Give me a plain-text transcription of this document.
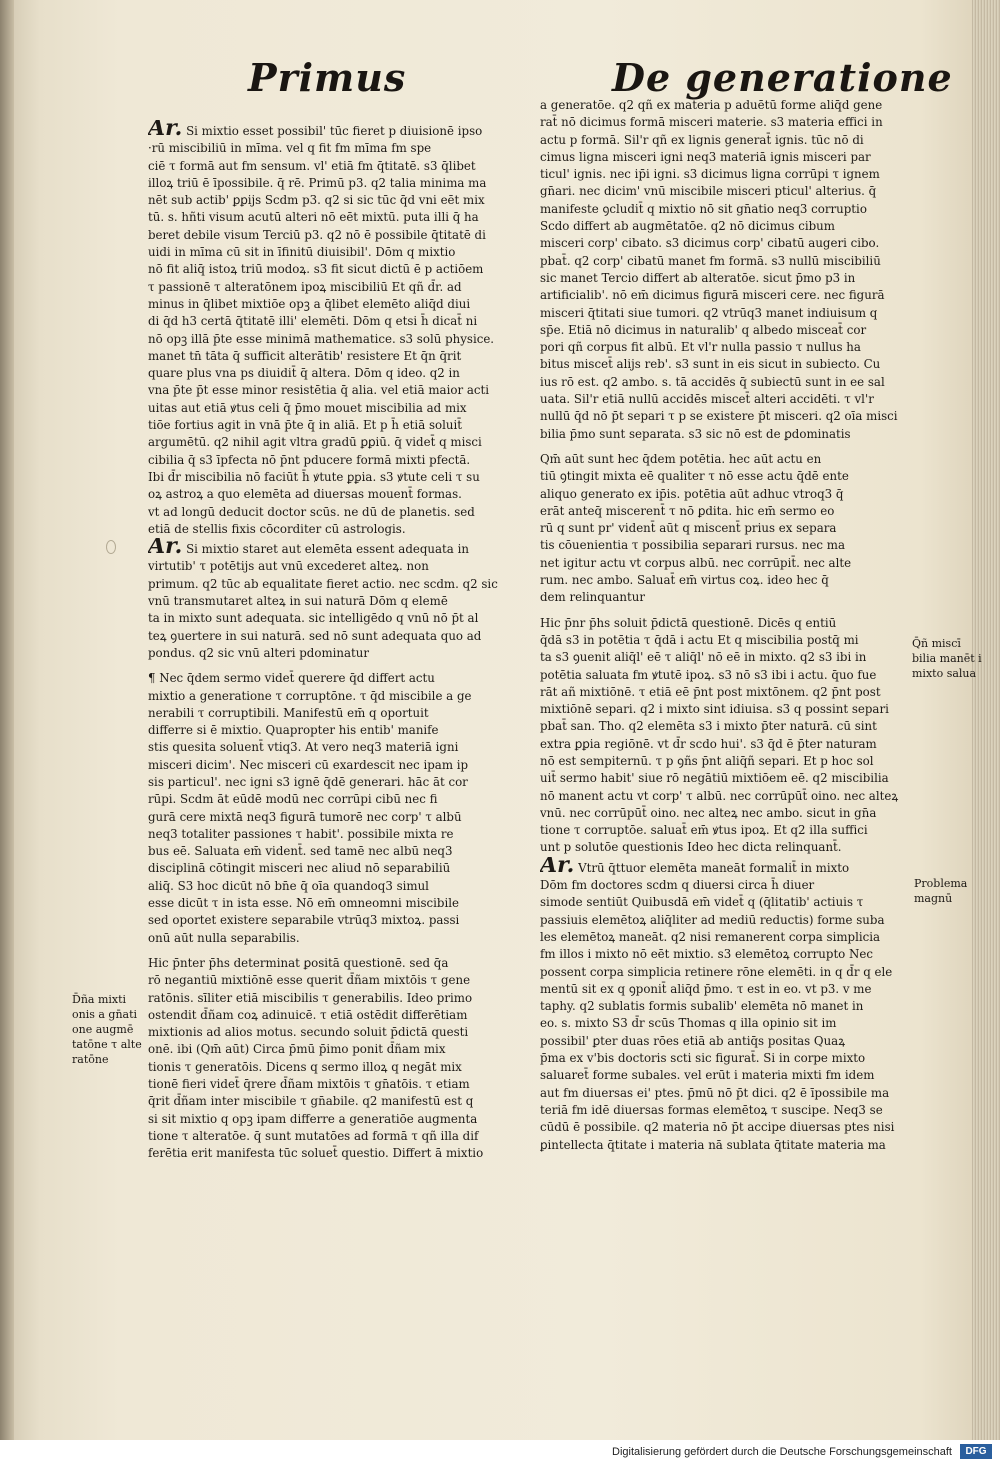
Primus	De generatione
Ar. Si mixtio esset possibil' tūc fieret p diuisionē ipso
·rū miscibiliū in mīma. vel q fit fm mīma fm spe
ciē τ formā aut fm sensum. vl' etiā fm q̄titatē. s3 q̄libet
illoꝝ triū ē īpossibile. q̄ rē. Primū p3. q2 talia minima ma
nēt sub actib' ꝑꝑijs Scdm p3. q2 si sic tūc q̄d vni eēt mix
tū. s. hñti visum acutū alteri nō eēt mixtū. puta illi q̄ ha
beret debile visum Terciū p3. q2 nō ē possibile q̄titatē di
uidi in mīma cū sit in īfinitū diuisibil'. Dōm q mixtio
nō fit aliq̄ istoꝝ triū modoꝝ. s3 fit sicut dictū ē p actiōem
τ passionē τ alteratōnem ipoꝝ miscibiliū Et qñ d̄r. ad
minus in q̄libet mixtiōe opꝫ a q̄libet elemēto aliq̄d diui
di q̄d h3 certā q̄titatē illi' elemēti. Dōm q etsi h̄ dicat̄ ni
nō opꝫ illā p̄te esse minimā mathematice. s3 solū physice.
manet tn̄ tāta q̄ sufficit alterātib' resistere Et q̄n q̄rit
quare plus vna ps diuidit̄ q̄ altera. Dōm q ideo. q2 in
vna p̄te p̄t esse minor resistētia q̄ alia. vel etiā maior acti
uitas aut etiā ꝟtus celi q̄ p̄mo mouet miscibilia ad mix
tiōe fortius agit in vnā p̄te q̄ in aliā. Et p h̄ etiā soluit̄
argumētū. q2 nihil agit vltra gradū ꝑꝑiū. q̄ videt̄ q misci
cibilia q̄ s3 īpfecta nō p̄nt pducere formā mixti pfectā.
Ibi d̄r miscibilia nō faciūt h̄ ꝟtute ꝑꝑia. s3 ꝟtute celi τ su
oꝝ astroꝝ a quo elemēta ad diuersas mouent̄ formas.
vt ad longū deducit doctor scūs. ne dū de planetis. sed
etiā de stellis fixis cōcorditer cū astrologis.
Ar. Si mixtio staret aut elemēta essent adequata in
virtutib' τ potētijs aut vnū excederet alteꝝ. non
primum. q2 tūc ab equalitate fieret actio. nec scdm. q2 sic
vnū transmutaret alteꝝ in sui naturā Dōm q elemē
ta in mixto sunt adequata. sic intelligēdo q vnū nō p̄t al
teꝝ ꝯuertere in sui naturā. sed nō sunt adequata quo ad
pondus. q2 sic vnū alteri pdominatur
¶ Nec q̄dem sermo videt̄ querere q̄d differt actu
mixtio a generatione τ corruptōne. τ q̄d miscibile a ge
nerabili τ corruptibili. Manifestū em̄ q oportuit
differre si ē mixtio. Quapropter his entib' manife
stis quesita soluent̄ vtiq3. At vero neq3 materiā igni
misceri dicim'. Nec misceri cū exardescit nec ipam ip
sis particul'. nec igni s3 ignē q̄dē generari. hāc āt cor
rūpi. Scdm āt eūdē modū nec corrūpi cibū nec fi
gurā cere mixtā neq3 figurā tumorē nec corp' τ albū
neq3 totaliter passiones τ habit'. possibile mixta re
bus eē. Saluata em̄ vident̄. sed tamē nec albū neq3
disciplinā cōtingit misceri nec aliud nō separabiliū
aliq̄. S3 hoc dicūt nō bn̄e q̄ oīa quandoq3 simul
esse dicūt τ in ista esse. Nō em̄ omneomni miscibile
sed oportet existere separabile vtrūq3 mixtoꝝ. passi
onū aūt nulla separabilis.
Hic p̄nter p̄hs determinat ꝑositā questionē. sed q̄a
rō negantiū mixtiōnē esse querit d̄ñam mixtōis τ gene
ratōnis. sīliter etiā miscibilis τ generabilis. Ideo primo
ostendit d̄ñam coꝝ adinuicē. τ etiā ostēdit differētiam
mixtionis ad alios motus. secundo soluit p̄dictā questi
onē. ibi (Qm̄ aūt) Circa p̄mū p̄imo ponit d̄ñam mix
tionis τ generatōis. Dicens q sermo illoꝝ q negāt mix
tionē fieri videt̄ q̄rere d̄ñam mixtōis τ gn̄atōis. τ etiam
q̄rit d̄ñam inter miscibile τ gn̄abile. q2 manifestū est q
si sit mixtio q opꝫ ipam differre a generatiōe augmenta
tione τ alteratōe. q̄ sunt mutatōes ad formā τ qñ illa dif
ferētia erit manifesta tūc soluet̄ questio. Differt ā mixtio
a generatōe. q2 qñ ex materia p aduētū forme aliq̄d gene
rat̄ nō dicimus formā misceri materie. s3 materia effici in
actu p formā. Sil'r qñ ex lignis generat̄ ignis. tūc nō di
cimus ligna misceri igni neq3 materiā ignis misceri par
ticul' ignis. nec ip̄i igni. s3 dicimus ligna corrūpi τ ignem
gn̄ari. nec dicim' vnū miscibile misceri pticul' alterius. q̄
manifeste ꝯcludit̄ q mixtio nō sit gn̄atio neq3 corruptio
Scdo differt ab augmētatōe. q2 nō dicimus cibum
misceri corp' cibato. s3 dicimus corp' cibatū augeri cibo.
pbat̄. q2 corp' cibatū manet fm formā. s3 nullū miscibiliū
sic manet Tercio differt ab alteratōe. sicut p̄mo p3 in
artificialib'. nō em̄ dicimus figurā misceri cere. nec figurā
misceri q̄titati siue tumori. q2 vtrūq3 manet indiuisum q
sp̄e. Etiā nō dicimus in naturalib' q albedo misceat̄ cor
pori qñ corpus fit albū. Et vl'r nulla passio τ nullus ha
bitus miscet̄ alijs reb'. s3 sunt in eis sicut in subiecto. Cu
ius rō est. q2 ambo. s. tā accidēs q̄ subiectū sunt in ee sal
uata. Sil'r etiā nullū accidēs miscet̄ alteri accidēti. τ vl'r
nullū q̄d nō p̄t separi τ p se existere p̄t misceri. q2 oīa misci
bilia p̄mo sunt separata. s3 sic nō est de ꝑdominatis
Qm̄ aūt sunt hec q̄dem potētia. hec aūt actu en
tiū ꝯtingit mixta eē qualiter τ nō esse actu q̄dē ente
aliquo generato ex ip̄is. potētia aūt adhuc vtroq3 q̄
erāt anteq̄ miscerent̄ τ nō ꝑdita. hic em̄ sermo eo
rū q sunt pr' vident̄ aūt q miscent̄ prius ex separa
tis cōuenientia τ possibilia separari rursus. nec ma
net igitur actu vt corpus albū. nec corrūpit̄. nec alte
rum. nec ambo. Saluat̄ em̄ virtus coꝝ. ideo hec q̄
dem relinquantur
Hic p̄nr p̄hs soluit p̄dictā questionē. Dicēs q entiū
q̄dā s3 in potētia τ q̄dā i actu Et q miscibilia postq̄ mi
ta s3 ꝯuenit aliq̄l' eē τ aliq̄l' nō eē in mixto. q2 s3 ibi in
potētia saluata fm ꝟtutē ipoꝝ. s3 nō s3 ibi i actu. q̄uo fue
rāt añ mixtiōnē. τ etiā eē p̄nt post mixtōnem. q2 p̄nt post
mixtiōnē separi. q2 i mixto sint idiuisa. s3 q possint separi
pbat̄ san. Tho. q2 elemēta s3 i mixto p̄ter naturā. cū sint
extra ꝑꝑia regiōnē. vt d̄r scdo hui'. s3 q̄d ē p̄ter naturam
nō est sempiternū. τ p ꝯñs p̄nt aliq̄ñ separi. Et p hoc sol
uit̄ sermo habit' siue rō negātiū mixtiōem eē. q2 miscibilia
nō manent actu vt corp' τ albū. nec corrūpūt̄ oino. nec alteꝝ
vnū. nec corrūpūt̄ oino. nec alteꝝ nec ambo. sicut in gn̄a
tione τ corruptōe. saluat̄ em̄ ꝟtus ipoꝝ. Et q2 illa suffici
unt p solutōe questionis Ideo hec dicta relinquant̄.
Ar. Vtrū q̄ttuor elemēta maneāt formalit̄ in mixto
Dōm fm doctores scdm q diuersi circa h̄ diuer
simode sentiūt Quibusdā em̄ videt̄ q (q̄litatib' actiuis τ
passiuis elemētoꝝ aliq̄liter ad mediū reductis) forme suba
les elemētoꝝ maneāt. q2 nisi remanerent corpa simplicia
fm illos i mixto nō eēt mixtio. s3 elemētoꝝ corrupto Nec
possent corpa simplicia retinere rōne elemēti. in q d̄r q ele
mentū sit ex q ꝯponit̄ aliq̄d p̄mo. τ est in eo. vt p3. v me
taphy. q2 sublatis formis subalib' elemēta nō manet in
eo. s. mixto S3 d̄r scūs Thomas q illa opinio sit im
possibil' ꝑter duas rōes etiā ab antiq̄s positas Quaꝝ
p̄ma ex v'bis doctoris scti sic figurat̄. Si in corpe mixto
saluaret̄ forme subales. vel erūt i materia mixti fm idem
aut fm diuersas ei' ptes. p̄mū nō p̄t dici. q2 ē īpossibile ma
teriā fm idē diuersas formas elemētoꝝ τ suscipe. Neq3 se
cūdū ē possibile. q2 materia nō p̄t accipe diuersas ptes nisi
ꝑintellecta q̄titate i materia nā sublata q̄titate materia ma
D̄ña mixti onis a gn̄ati one augmē tatōne τ alte ratōne
Q̄ñ miscī bilia manēt i mixto salua
Problema magnū
Digitalisierung gefördert durch die Deutsche Forschungsgemeinschaft	DFG
